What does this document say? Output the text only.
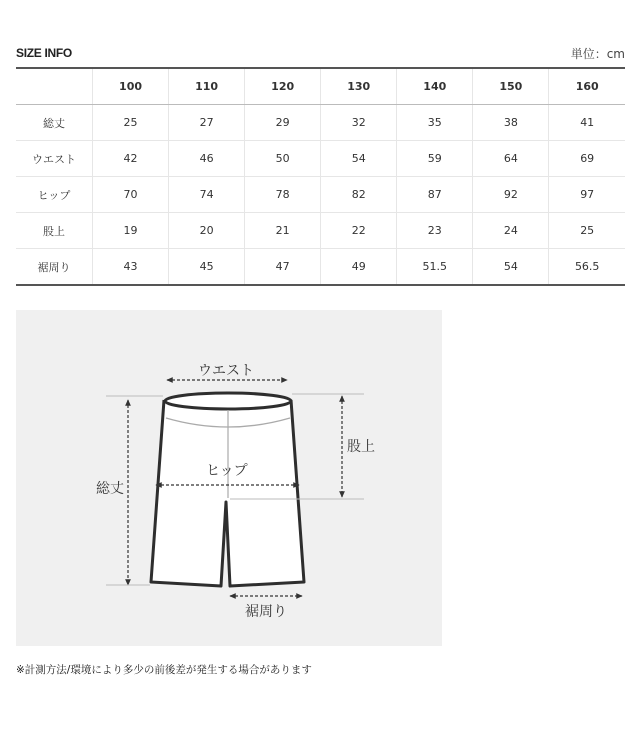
SIZE INFO	単位：cm
	100	110	120	130	140	150	160
総丈	25	27	29	32	35	38	41
ウエスト	42	46	50	54	59	64	69
ヒップ	70	74	78	82	87	92	97
股上	19	20	21	22	23	24	25
裾周り	43	45	47	49	51.5	54	56.5
ウエスト
ヒップ
総丈
股上
裾周り
※計測方法/環境により多少の前後差が発生する場合があります
